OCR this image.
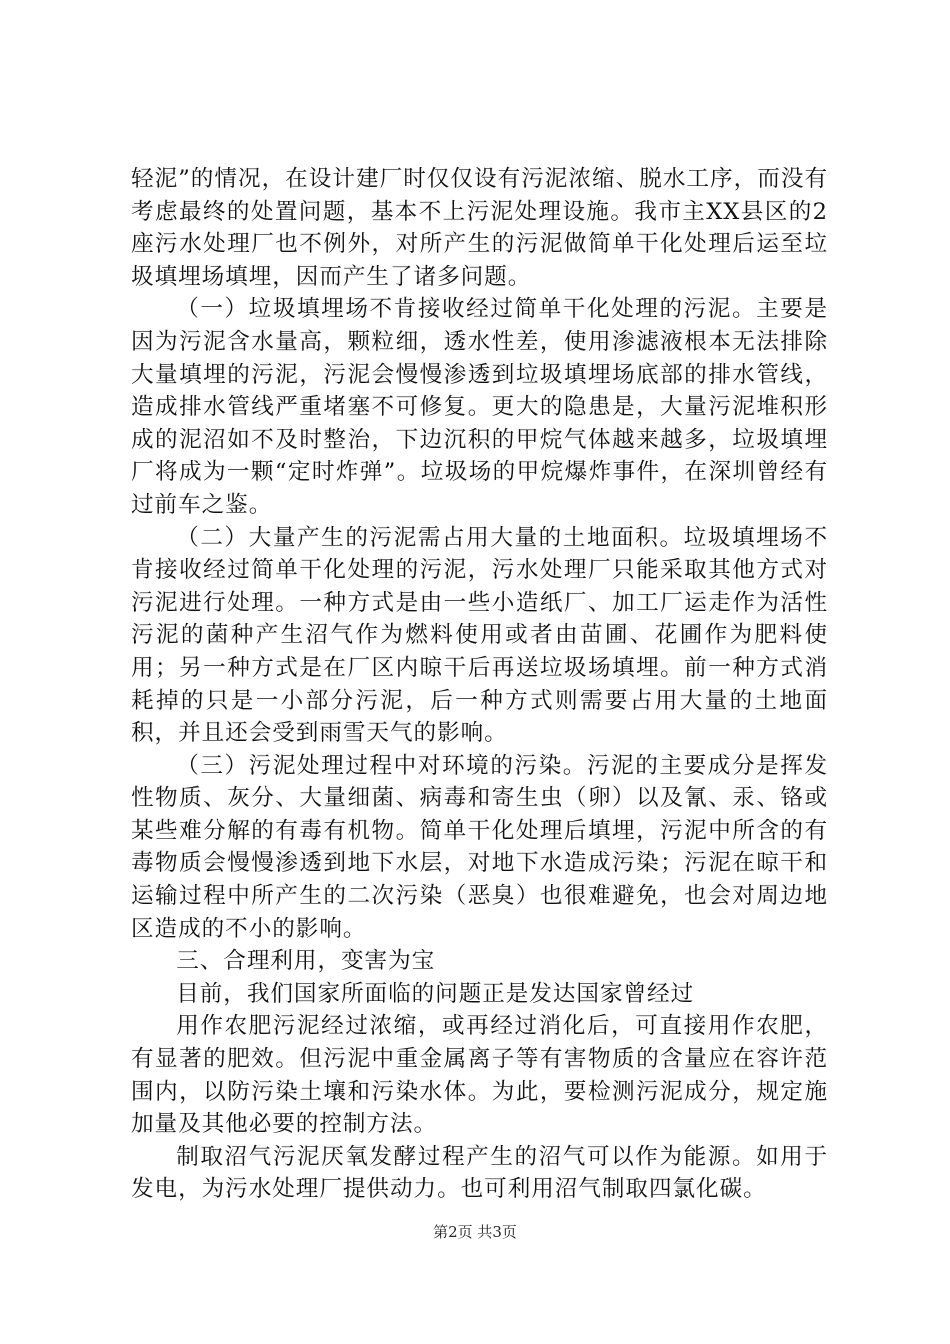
轻泥”的情况，在设计建厂时仅仅设有污泥浓缩、脱水工序，而没有考虑最终的处置问题，基本不上污泥处理设施。我市主XX县区的2座污水处理厂也不例外，对所产生的污泥做简单干化处理后运至垃圾填埋场填埋，因而产生了诸多问题。

（一）垃圾填埋场不肯接收经过简单干化处理的污泥。主要是因为污泥含水量高，颗粒细，透水性差，使用渗滤液根本无法排除大量填埋的污泥，污泥会慢慢渗透到垃圾填埋场底部的排水管线，造成排水管线严重堵塞不可修复。更大的隐患是，大量污泥堆积形成的泥沼如不及时整治，下边沉积的甲烷气体越来越多，垃圾填埋厂将成为一颗“定时炸弹”。垃圾场的甲烷爆炸事件，在深圳曾经有过前车之鉴。

（二）大量产生的污泥需占用大量的土地面积。垃圾填埋场不肯接收经过简单干化处理的污泥，污水处理厂只能采取其他方式对污泥进行处理。一种方式是由一些小造纸厂、加工厂运走作为活性污泥的菌种产生沼气作为燃料使用或者由苗圃、花圃作为肥料使用；另一种方式是在厂区内晾干后再送垃圾场填埋。前一种方式消耗掉的只是一小部分污泥，后一种方式则需要占用大量的土地面积，并且还会受到雨雪天气的影响。

（三）污泥处理过程中对环境的污染。污泥的主要成分是挥发性物质、灰分、大量细菌、病毒和寄生虫（卵）以及氰、汞、铬或某些难分解的有毒有机物。简单干化处理后填埋，污泥中所含的有毒物质会慢慢渗透到地下水层，对地下水造成污染；污泥在晾干和运输过程中所产生的二次污染（恶臭）也很难避免，也会对周边地区造成的不小的影响。

三、合理利用，变害为宝

目前，我们国家所面临的问题正是发达国家曾经过

用作农肥污泥经过浓缩，或再经过消化后，可直接用作农肥，有显著的肥效。但污泥中重金属离子等有害物质的含量应在容许范围内，以防污染土壤和污染水体。为此，要检测污泥成分，规定施加量及其他必要的控制方法。

制取沼气污泥厌氧发酵过程产生的沼气可以作为能源。如用于发电，为污水处理厂提供动力。也可利用沼气制取四氯化碳。

第2页 共3页
